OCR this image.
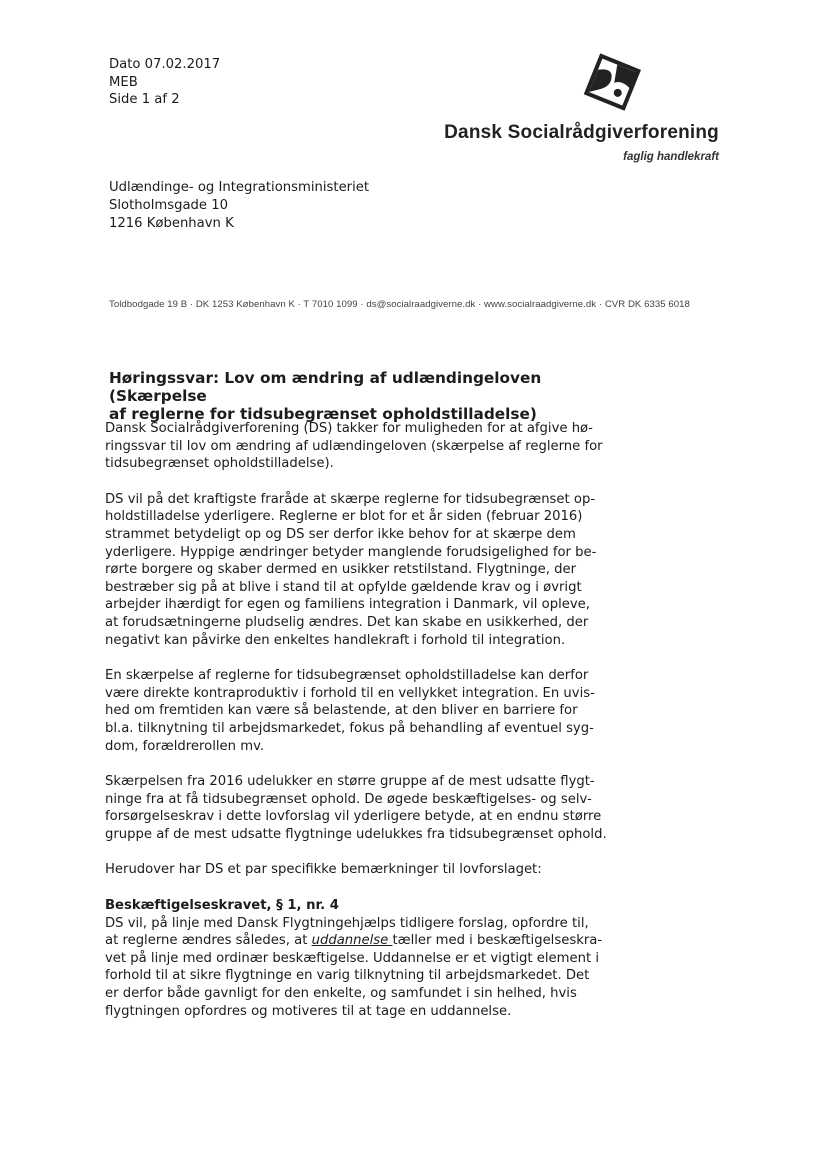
Dato 07.02.2017
MEB
Side 1 af 2
Dansk Socialrådgiverforening
faglig handlekraft
Udlændinge- og Integrationsministeriet
Slotholmsgade 10
1216 København K
Toldbodgade 19 B · DK 1253 København K · T 7010 1099 · ds@socialraadgiverne.dk · www.socialraadgiverne.dk · CVR DK 6335 6018
Høringssvar: Lov om ændring af udlændingeloven (Skærpelse
af reglerne for tidsubegrænset opholdstilladelse)

Dansk Socialrådgiverforening (DS) takker for muligheden for at afgive hø-
ringssvar til lov om ændring af udlændingeloven (skærpelse af reglerne for
tidsubegrænset opholdstilladelse).

DS vil på det kraftigste fraråde at skærpe reglerne for tidsubegrænset op-
holdstilladelse yderligere. Reglerne er blot for et år siden (februar 2016)
strammet betydeligt op og DS ser derfor ikke behov for at skærpe dem
yderligere. Hyppige ændringer betyder manglende forudsigelighed for be-
rørte borgere og skaber dermed en usikker retstilstand. Flygtninge, der
bestræber sig på at blive i stand til at opfylde gældende krav og i øvrigt
arbejder ihærdigt for egen og familiens integration i Danmark, vil opleve,
at forudsætningerne pludselig ændres. Det kan skabe en usikkerhed, der
negativt kan påvirke den enkeltes handlekraft i forhold til integration.

En skærpelse af reglerne for tidsubegrænset opholdstilladelse kan derfor
være direkte kontraproduktiv i forhold til en vellykket integration. En uvis-
hed om fremtiden kan være så belastende, at den bliver en barriere for
bl.a. tilknytning til arbejdsmarkedet, fokus på behandling af eventuel syg-
dom, forældrerollen mv.

Skærpelsen fra 2016 udelukker en større gruppe af de mest udsatte flygt-
ninge fra at få tidsubegrænset ophold. De øgede beskæftigelses- og selv-
forsørgelseskrav i dette lovforslag vil yderligere betyde, at en endnu større
gruppe af de mest udsatte flygtninge udelukkes fra tidsubegrænset ophold.

Herudover har DS et par specifikke bemærkninger til lovforslaget:

Beskæftigelseskravet, § 1, nr. 4
DS vil, på linje med Dansk Flygtningehjælps tidligere forslag, opfordre til,
at reglerne ændres således, at uddannelse tæller med i beskæftigelseskra-
vet på linje med ordinær beskæftigelse. Uddannelse er et vigtigt element i
forhold til at sikre flygtninge en varig tilknytning til arbejdsmarkedet. Det
er derfor både gavnligt for den enkelte, og samfundet i sin helhed, hvis
flygtningen opfordres og motiveres til at tage en uddannelse.
